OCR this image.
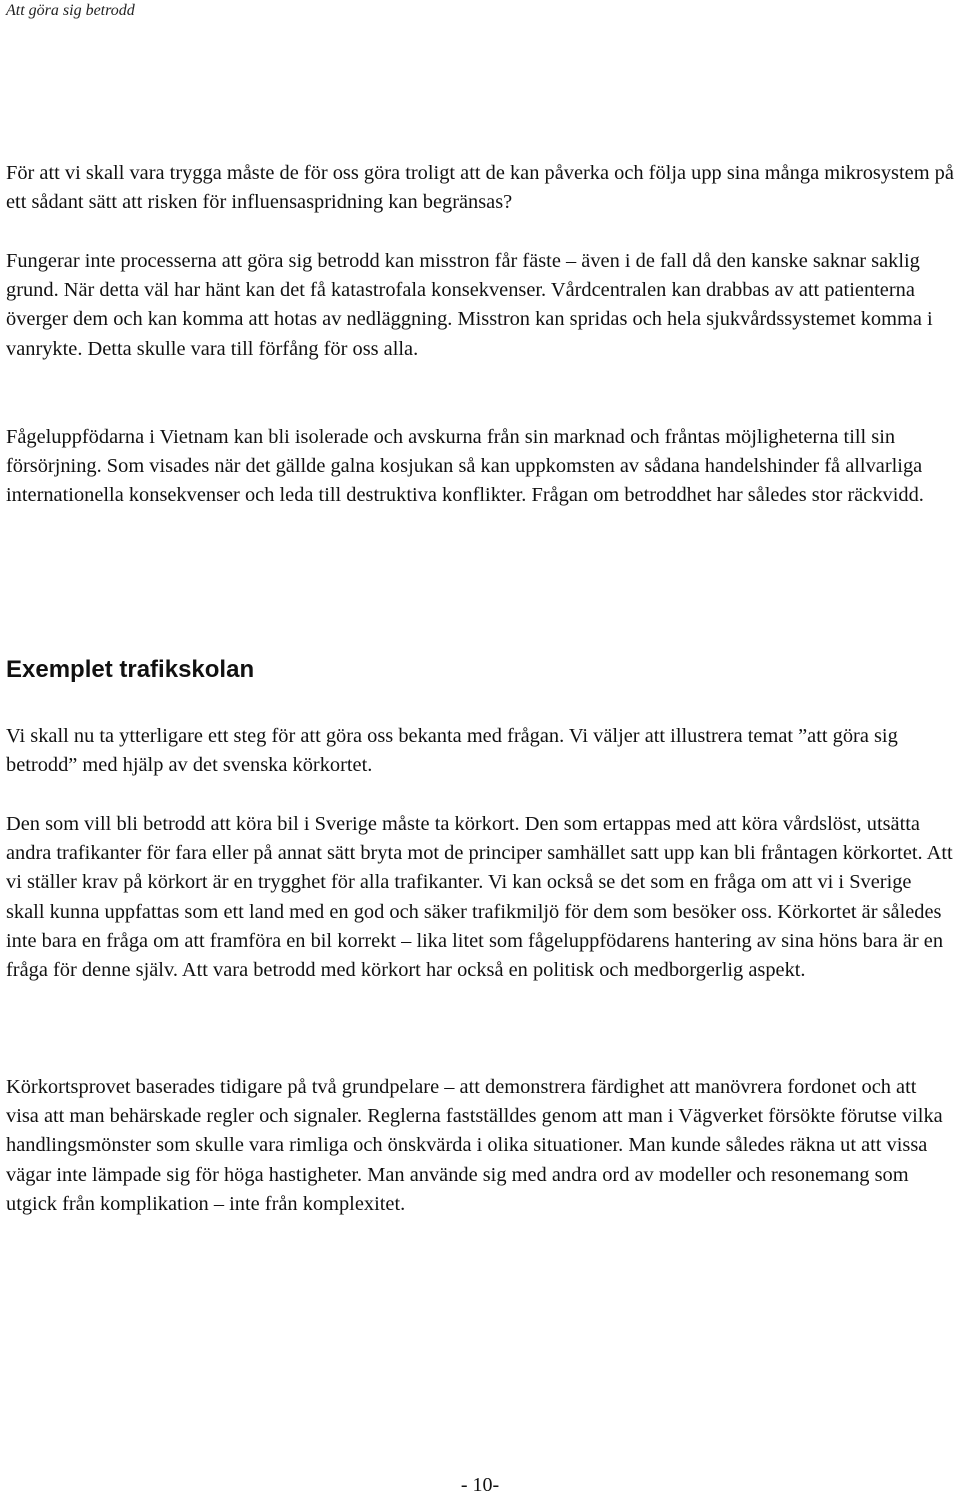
Att göra sig betrodd

För att vi skall vara trygga måste de för oss göra troligt att de kan påverka och följa upp sina många mikrosystem på ett sådant sätt att risken för influensaspridning kan begränsas?

Fungerar inte processerna att göra sig betrodd kan misstron får fäste – även i de fall då den kanske saknar saklig grund. När detta väl har hänt kan det få katastrofala konsekvenser. Vårdcentralen kan drabbas av att patienterna överger dem och kan komma att hotas av nedläggning. Misstron kan spridas och hela sjukvårdssystemet komma i vanrykte. Detta skulle vara till förfång för oss alla.

Fågeluppfödarna i Vietnam kan bli isolerade och avskurna från sin marknad och fråntas möjligheterna till sin försörjning. Som visades när det gällde galna kosjukan så kan uppkomsten av sådana handelshinder få allvarliga internationella konsekvenser och leda till destruktiva konflikter. Frågan om betroddhet har således stor räckvidd.

Exemplet trafikskolan

Vi skall nu ta ytterligare ett steg för att göra oss bekanta med frågan. Vi väljer att illustrera temat ”att göra sig betrodd” med hjälp av det svenska körkortet.

Den som vill bli betrodd att köra bil i Sverige måste ta körkort. Den som ertappas med att köra vårdslöst, utsätta andra trafikanter för fara eller på annat sätt bryta mot de principer samhället satt upp kan bli fråntagen körkortet. Att vi ställer krav på körkort är en trygghet för alla trafikanter. Vi kan också se det som en fråga om att vi i Sverige skall kunna uppfattas som ett land med en god och säker trafikmiljö för dem som besöker oss. Körkortet är således inte bara en fråga om att framföra en bil korrekt – lika litet som fågeluppfödarens hantering av sina höns bara är en fråga för denne själv. Att vara betrodd med körkort har också en politisk och medborgerlig aspekt.

Körkortsprovet baserades tidigare på två grundpelare – att demonstrera färdighet att manövrera fordonet och att visa att man behärskade regler och signaler. Reglerna fastställdes genom att man i Vägverket försökte förutse vilka handlingsmönster som skulle vara rimliga och önskvärda i olika situationer. Man kunde således räkna ut att vissa vägar inte lämpade sig för höga hastigheter. Man använde sig med andra ord av modeller och resonemang som utgick från komplikation – inte från komplexitet.

- 10-
